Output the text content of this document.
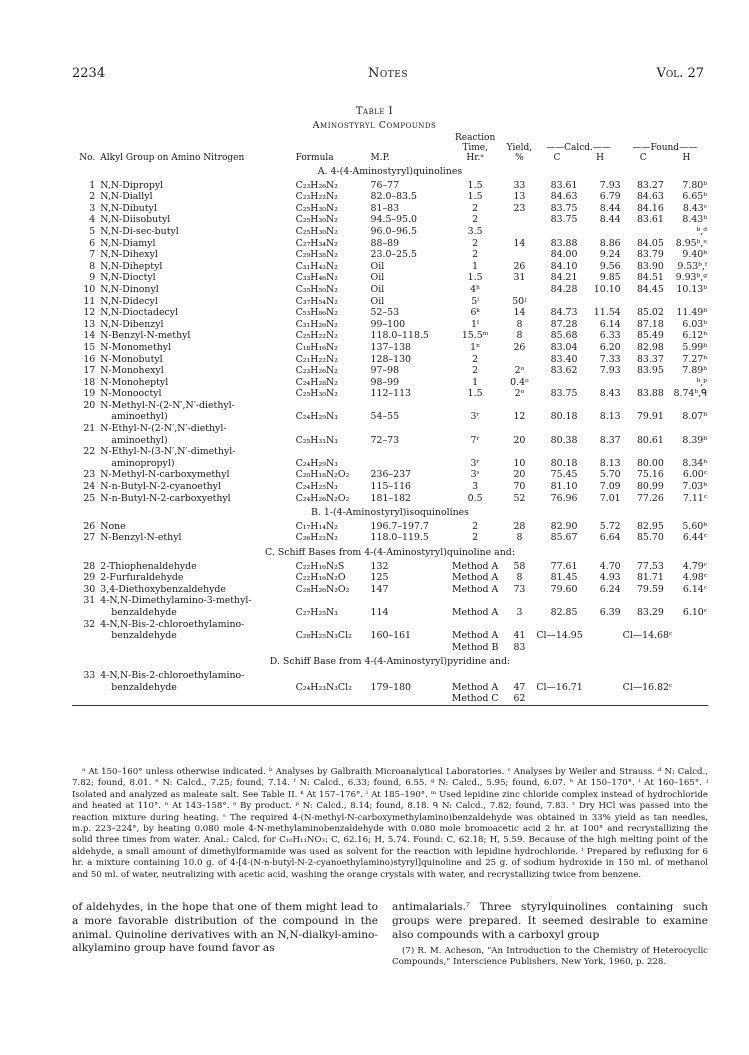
2234	Notes	Vol. 27
Table I
Aminostyryl Compounds
				Reaction					
				Time,	Yield,	——Calcd.——		——Found——	
No.	Alkyl Group on Amino Nitrogen	Formula	M.P.	Hr.ᵃ	%	C	H	C	H
A. 4-(4-Aminostyryl)quinolines									
1	N,N-Dipropyl	C₂₃H₂₆N₂	76–77	1.5	33	83.61	7.93	83.27	7.80ᵇ
2	N,N-Diallyl	C₂₃H₂₂N₂	82.0–83.5	1.5	13	84.63	6.79	84.63	6.65ᵇ
3	N,N-Dibutyl	C₂₅H₃₀N₂	81–83	2	23	83.75	8.44	84.16	8.43ᶜ
4	N,N-Diisobutyl	C₂₅H₃₀N₂	94.5–95.0	2		83.75	8.44	83.61	8.43ᵇ
5	N,N-Di-sec-butyl	C₂₅H₃₀N₂	96.0–96.5	3.5					ᵇ,ᵈ
6	N,N-Diamyl	C₂₇H₃₄N₂	88–89	2	14	83.88	8.86	84.05	8.95ᵇ,ᵉ
7	N,N-Dihexyl	C₂₉H₃₈N₂	23.0–25.5	2		84.00	9.24	83.79	9.40ᵇ
8	N,N-Diheptyl	C₃₁H₄₂N₂	Oil	1	26	84.10	9.56	83.90	9.53ᵇ,ᶠ
9	N,N-Dioctyl	C₃₃H₄₆N₂	Oil	1.5	31	84.21	9.85	84.51	9.93ᵇ,ᵍ
10	N,N-Dinonyl	C₃₅H₅₀N₂	Oil	4ʰ		84.28	10.10	84.45	10.13ᵇ
11	N,N-Didecyl	C₃₇H₅₄N₂	Oil	5ⁱ	50ʲ				
12	N,N-Dioctadecyl	C₅₃H₈₆N₂	52–53	6ᵏ	14	84.73	11.54	85.02	11.49ᵇ
13	N,N-Dibenzyl	C₃₁H₂₆N₂	99–100	1ˡ	8	87.28	6.14	87.18	6.03ᵇ
14	N-Benzyl-N-methyl	C₂₅H₂₂N₂	118.0–118.5	15.5ᵐ	8	85.68	6.33	85.49	6.12ᵇ
15	N-Monomethyl	C₁₈H₁₆N₂	137–138	1ⁿ	26	83.04	6.20	82.98	5.99ᵇ
16	N-Monobutyl	C₂₁H₂₂N₂	128–130	2		83.40	7.33	83.37	7.27ᵇ
17	N-Monohexyl	C₂₃H₂₆N₂	97–98	2	2ᵒ	83.62	7.93	83.95	7.89ᵇ
18	N-Monoheptyl	C₂₄H₂₈N₂	98–99	1	0.4ᵒ				ᵇ,ᵖ
19	N-Monooctyl	C₂₅H₃₀N₂	112–113	1.5	2ᵒ	83.75	8.43	83.88	8.74ᵇ,ᑫ
20	N-Methyl-N-(2-N′,N′-diethyl-								
	aminoethyl)	C₂₄H₂₉N₃	54–55	3ʳ	12	80.18	8.13	79.91	8.07ᵇ
21	N-Ethyl-N-(2-N′,N′-diethyl-								
	aminoethyl)	C₂₅H₃₁N₃	72–73	7ʳ	20	80.38	8.37	80.61	8.39ᵇ
22	N-Ethyl-N-(3-N′,N′-dimethyl-								
	aminopropyl)	C₂₄H₂₉N₃		3ʳ	10	80.18	8.13	80.00	8.34ᵇ
23	N-Methyl-N-carboxymethyl	C₂₀H₁₈N₂O₂	236–237	3ˢ	20	75.45	5.70	75.16	6.00ᶜ
24	N-n-Butyl-N-2-cyanoethyl	C₂₄H₂₅N₃	115–116	3	70	81.10	7.09	80.99	7.03ᵇ
25	N-n-Butyl-N-2-carboxyethyl	C₂₄H₂₆N₂O₂	181–182	0.5	52	76.96	7.01	77.26	7.11ᶜ
B. 1-(4-Aminostyryl)isoquinolines									
26	None	C₁₇H₁₄N₂	196.7–197.7	2	28	82.90	5.72	82.95	5.60ᵇ
27	N-Benzyl-N-ethyl	C₂₆H₂₂N₂	118.0–119.5	2	8	85.67	6.64	85.70	6.44ᶜ
C. Schiff Bases from 4-(4-Aminostyryl)quinoline and:									
28	2-Thiophenaldehyde	C₂₂H₁₆N₂S	132	Method A	58	77.61	4.70	77.53	4.79ᶜ
29	2-Furfuraldehyde	C₂₂H₁₆N₂O	125	Method A	8	81.45	4.93	81.71	4.98ᶜ
30	3,4-Diethoxybenzaldehyde	C₂₈H₂₆N₂O₂	147	Method A	73	79.60	6.24	79.59	6.14ᶜ
31	4-N,N-Dimethylamino-3-methyl-								
	benzaldehyde	C₂₇H₂₅N₃	114	Method A	3	82.85	6.39	83.29	6.10ᶜ
32	4-N,N-Bis-2-chloroethylamino-								
	benzaldehyde	C₂₈H₂₅N₃Cl₂	160–161	Method A	41	Cl—14.95		Cl—14.68ᶜ	
				Method B	83				
D. Schiff Base from 4-(4-Aminostyryl)pyridine and:									
33	4-N,N-Bis-2-chloroethylamino-								
	benzaldehyde	C₂₄H₂₃N₃Cl₂	179–180	Method A	47	Cl—16.71		Cl—16.82ᶜ	
				Method C	62				

ᵃ At 150–160° unless otherwise indicated. ᵇ Analyses by Galbraith Microanalytical Laboratories. ᶜ Analyses by Weiler and Strauss. ᵈ N: Calcd., 7.82; found, 8.01. ᵉ N: Calcd., 7.25; found, 7.14. ᶠ N: Calcd., 6.33; found, 6.55. ᵍ N: Calcd., 5.95; found, 6.07. ʰ At 150–170°. ⁱ At 160–165°. ʲ Isolated and analyzed as maleate salt. See Table II. ᵏ At 157–176°. ˡ At 185–190°. ᵐ Used lepidine zinc chloride complex instead of hydrochloride and heated at 110°. ⁿ At 143–158°. ᵒ By product. ᵖ N: Calcd., 8.14; found, 8.18. ᑫ N: Calcd., 7.82; found, 7.83. ʳ Dry HCl was passed into the reaction mixture during heating. ˢ The required 4-(N-methyl-N-carboxymethylamino)benzaldehyde was obtained in 33% yield as tan needles, m.p. 223–224°, by heating 0.080 mole 4-N-methylaminobenzaldehyde with 0.080 mole bromoacetic acid 2 hr. at 100° and recrystallizing the solid three times from water. Anal.: Calcd. for C₁₀H₁₁NO₃: C, 62.16; H, 5.74. Found: C, 62.18; H, 5.59. Because of the high melting point of the aldehyde, a small amount of dimethylformamide was used as solvent for the reaction with lepidine hydrochloride. ᵗ Prepared by refluxing for 6 hr. a mixture containing 10.0 g. of 4-[4-(N-n-butyl-N-2-cyanoethylamino)styryl]quinoline and 25 g. of sodium hydroxide in 150 ml. of methanol and 50 ml. of water, neutralizing with acetic acid, washing the orange crystals with water, and recrystallizing twice from benzene.

of aldehydes, in the hope that one of them might lead to a more favorable distribution of the compound in the animal. Quinoline derivatives with an N,N-dialkyl-amino-alkylamino group have found favor as

antimalarials.⁷ Three styrylquinolines containing such groups were prepared. It seemed desirable to examine also compounds with a carboxyl group

(7) R. M. Acheson, "An Introduction to the Chemistry of Heterocyclic Compounds," Interscience Publishers, New York, 1960, p. 228.
